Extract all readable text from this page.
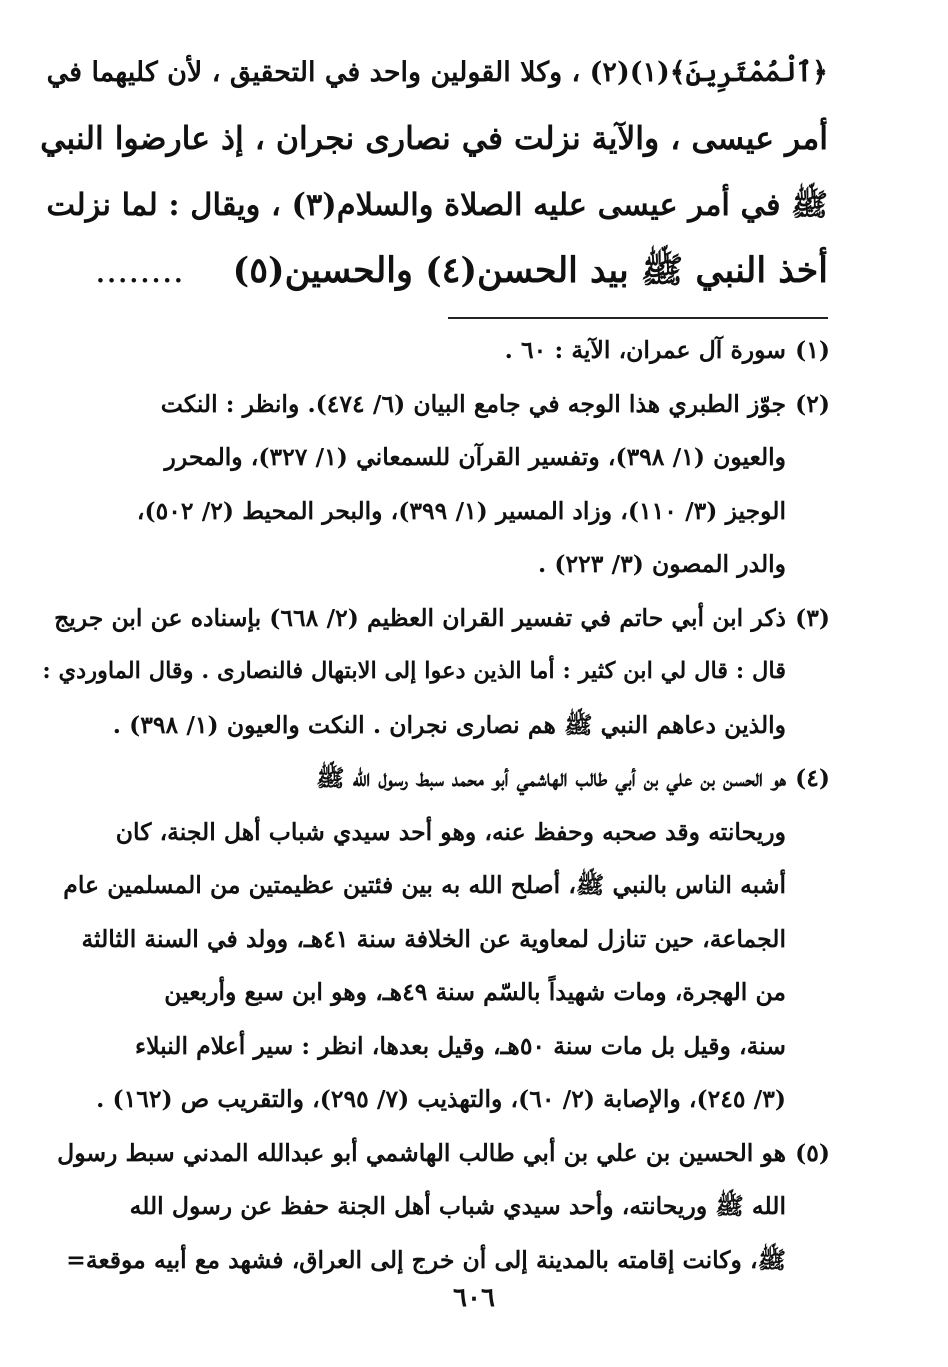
﴿ٱلْمُمْتَرِينَ﴾(١)(٢) ، وكلا القولين واحد في التحقيق ، لأن كليهما في
أمر عيسى ، والآية نزلت في نصارى نجران ، إذ عارضوا النبي
ﷺ في أمر عيسى عليه الصلاة والسلام(٣) ، ويقال : لما نزلت
أخذ النبي ﷺ بيد الحسن(٤) والحسين(٥)    ........
(١)
سورة آل عمران، الآية : ٦٠ .
(٢)
جوّز الطبري هذا الوجه في جامع البيان (٦/ ٤٧٤). وانظر : النكت
والعيون (١/ ٣٩٨)، وتفسير القرآن للسمعاني (١/ ٣٢٧)، والمحرر
الوجيز (٣/ ١١٠)، وزاد المسير (١/ ٣٩٩)، والبحر المحيط (٢/ ٥٠٢)،
والدر المصون (٣/ ٢٢٣) .
(٣)
ذكر ابن أبي حاتم في تفسير القران العظيم (٢/ ٦٦٨) بإسناده عن ابن جريج
قال : قال لي ابن كثير : أما الذين دعوا إلى الابتهال فالنصارى . وقال الماوردي :
والذين دعاهم النبي ﷺ هم نصارى نجران . النكت والعيون (١/ ٣٩٨) .
(٤)
هو الحسن بن علي بن أبي طالب الهاشمي أبو محمد سبط رسول الله ﷺ
وريحانته وقد صحبه وحفظ عنه، وهو أحد سيدي شباب أهل الجنة، كان
أشبه الناس بالنبي ﷺ، أصلح الله به بين فئتين عظيمتين من المسلمين عام
الجماعة، حين تنازل لمعاوية عن الخلافة سنة ٤١هـ، وولد في السنة الثالثة
من الهجرة، ومات شهيداً بالسّم سنة ٤٩هـ، وهو ابن سبع وأربعين
سنة، وقيل بل مات سنة ٥٠هـ، وقيل بعدها، انظر : سير أعلام النبلاء
(٣/ ٢٤٥)، والإصابة (٢/ ٦٠)، والتهذيب (٧/ ٢٩٥)، والتقريب ص (١٦٢) .
(٥)
هو الحسين بن علي بن أبي طالب الهاشمي أبو عبدالله المدني سبط رسول
الله ﷺ وريحانته، وأحد سيدي شباب أهل الجنة حفظ عن رسول الله
ﷺ، وكانت إقامته بالمدينة إلى أن خرج إلى العراق، فشهد مع أبيه موقعة=
٦٠٦
